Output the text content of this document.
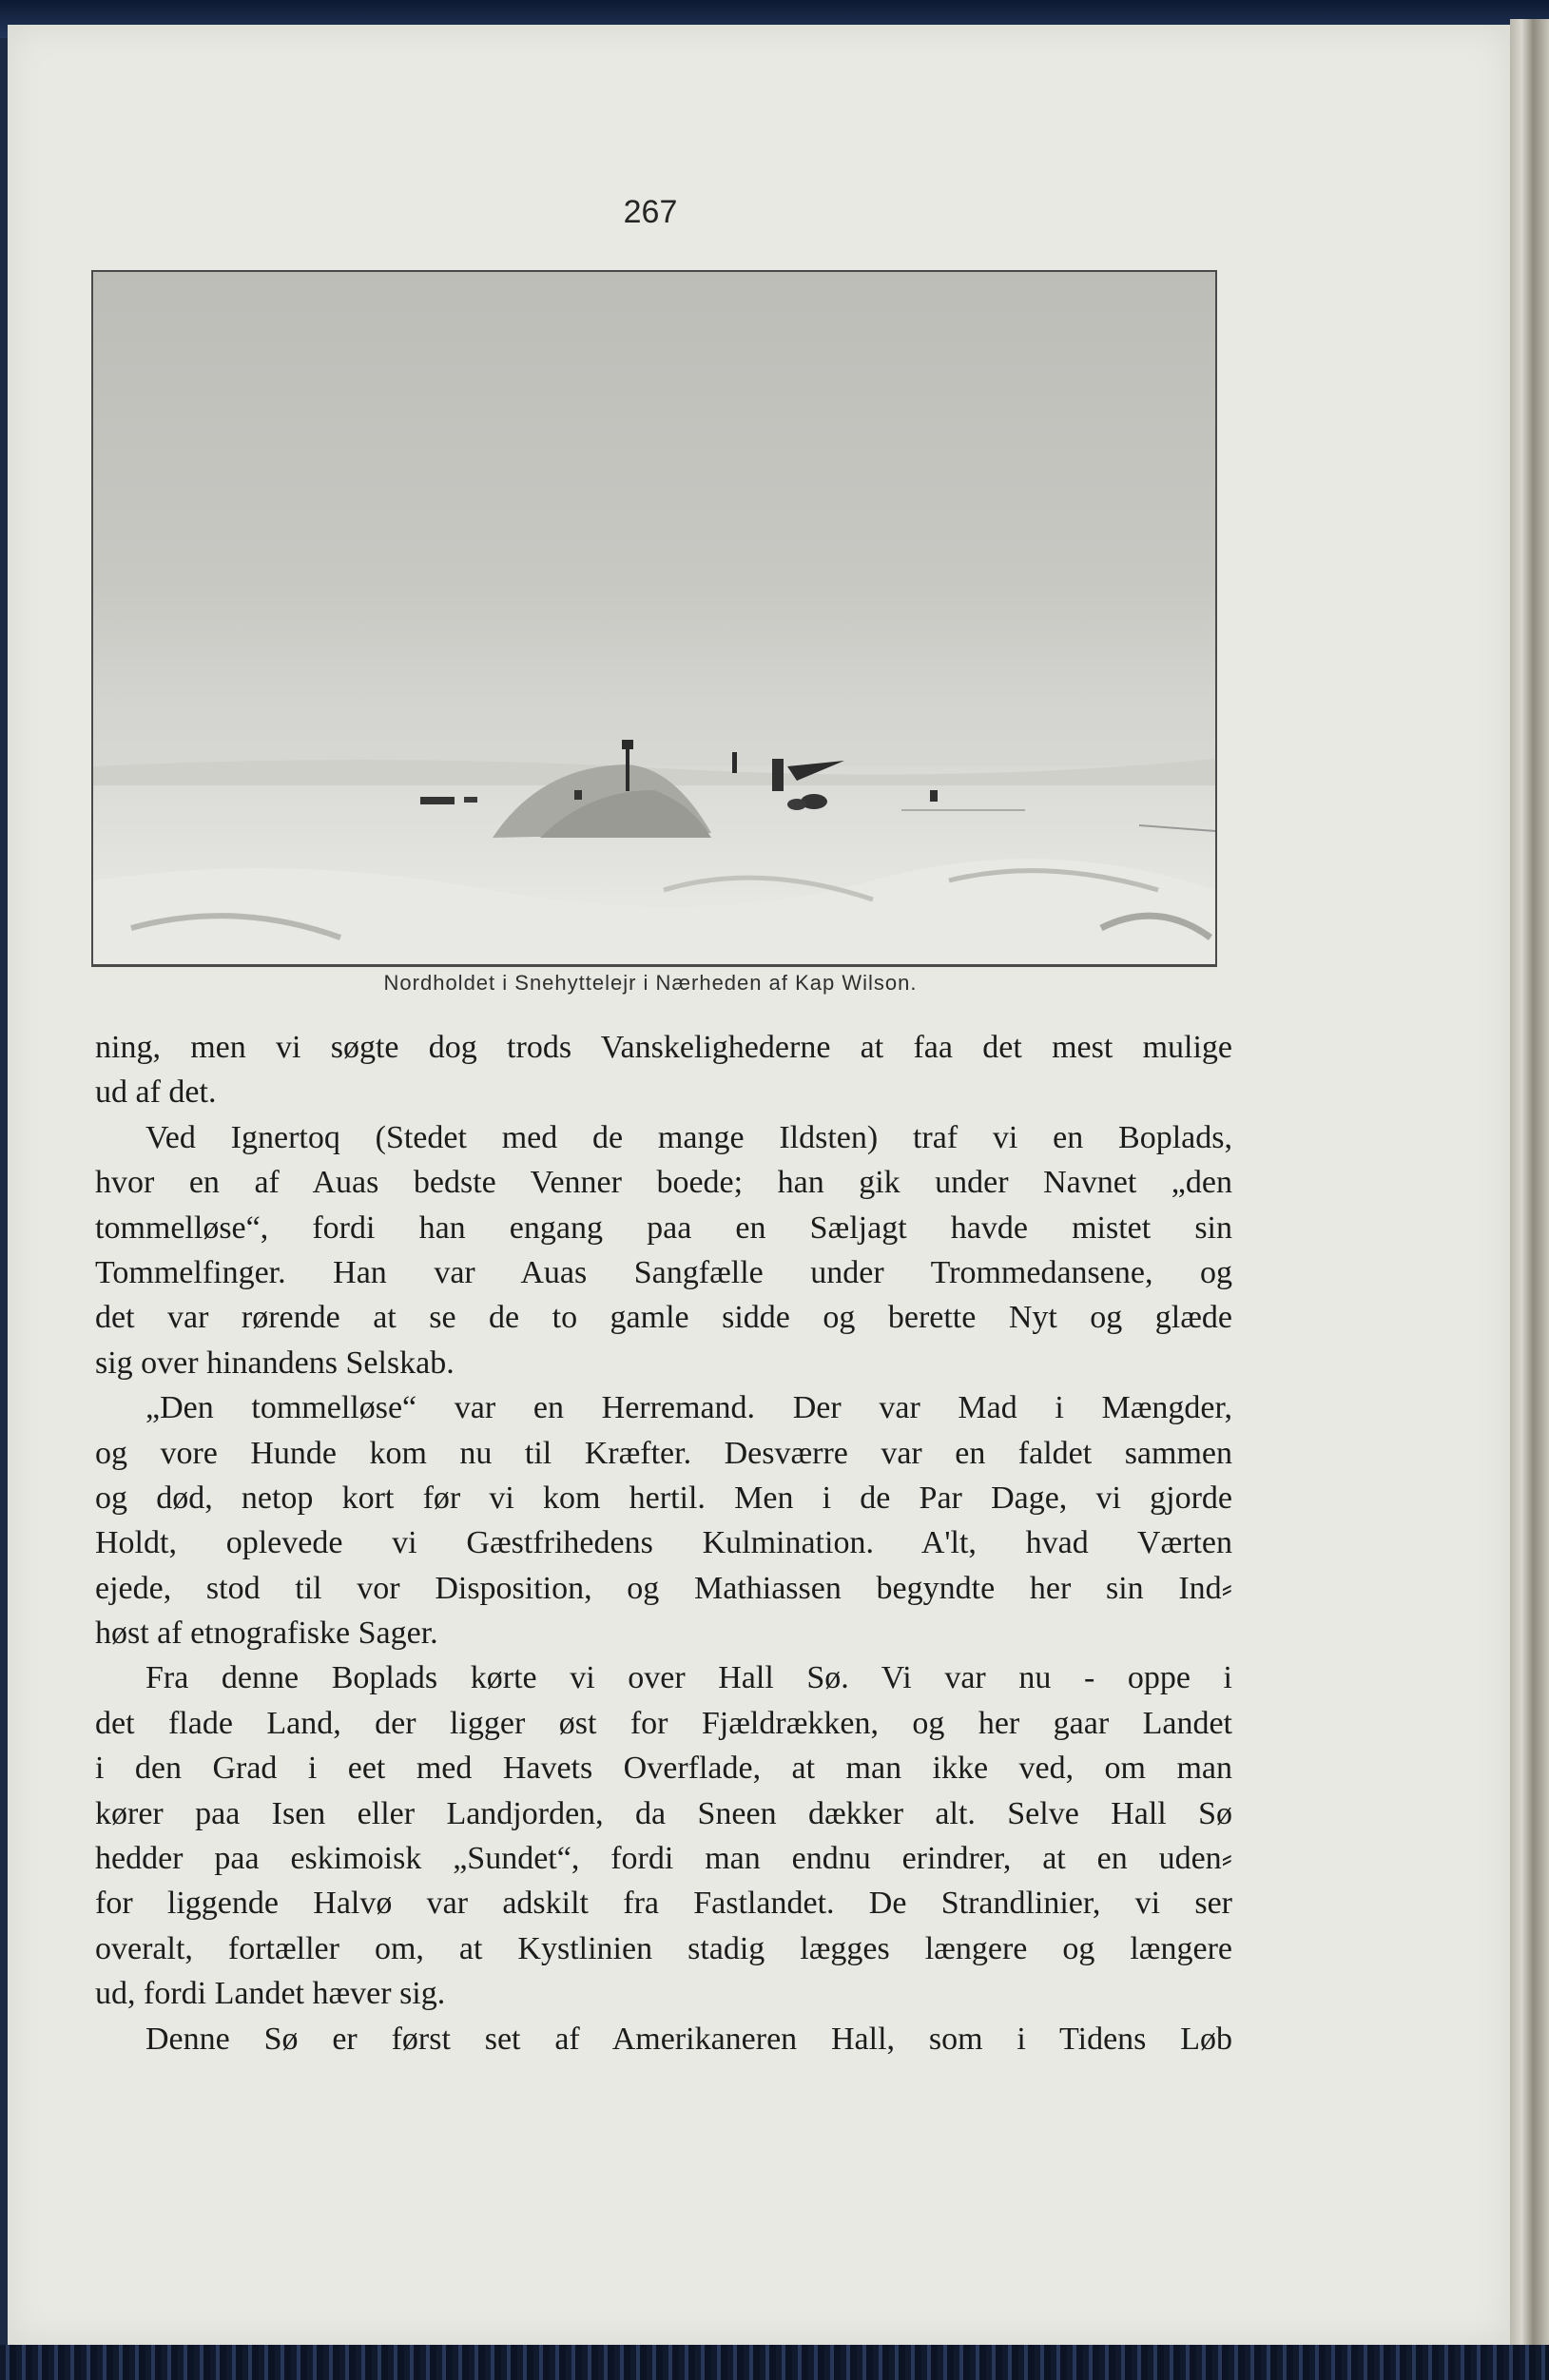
267
Nordholdet i Snehyttelejr i Nærheden af Kap Wilson.
ning, men vi søgte dog trods Vanskelighederne at faa det mest mulige
ud af det.
Ved Ignertoq (Stedet med de mange Ildsten) traf vi en Boplads,
hvor en af Auas bedste Venner boede; han gik under Navnet „den
tommelløse“, fordi han engang paa en Sæljagt havde mistet sin
Tommelfinger. Han var Auas Sangfælle under Trommedansene, og
det var rørende at se de to gamle sidde og berette Nyt og glæde
sig over hinandens Selskab.
„Den tommelløse“ var en Herremand. Der var Mad i Mængder,
og vore Hunde kom nu til Kræfter. Desværre var en faldet sammen
og død, netop kort før vi kom hertil. Men i de Par Dage, vi gjorde
Holdt, oplevede vi Gæstfrihedens Kulmination. A'lt, hvad Værten
ejede, stod til vor Disposition, og Mathiassen begyndte her sin Ind⸗
høst af etnografiske Sager.
Fra denne Boplads kørte vi over Hall Sø. Vi var nu - oppe i
det flade Land, der ligger øst for Fjældrækken, og her gaar Landet
i den Grad i eet med Havets Overflade, at man ikke ved, om man
kører paa Isen eller Landjorden, da Sneen dækker alt. Selve Hall Sø
hedder paa eskimoisk „Sundet“, fordi man endnu erindrer, at en uden⸗
for liggende Halvø var adskilt fra Fastlandet. De Strandlinier, vi ser
overalt, fortæller om, at Kystlinien stadig lægges længere og længere
ud, fordi Landet hæver sig.
Denne Sø er først set af Amerikaneren Hall, som i Tidens Løb
